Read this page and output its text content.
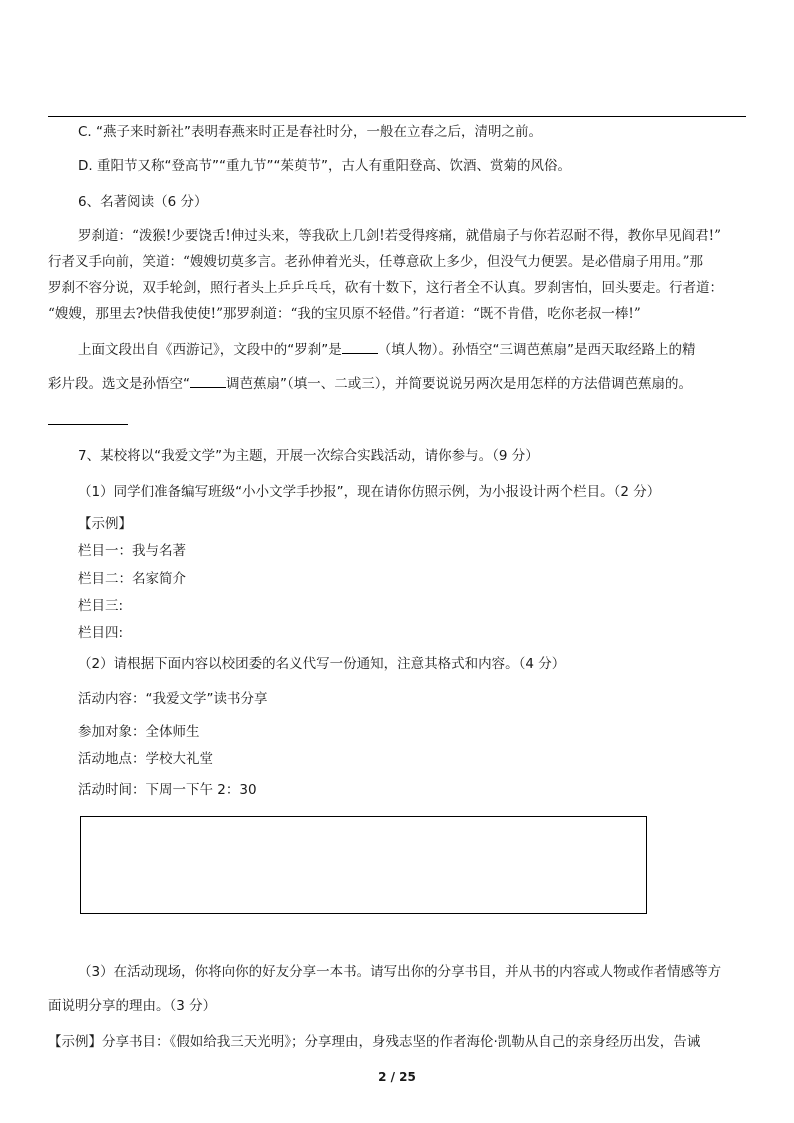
C. “燕子来时新社”表明春燕来时正是春社时分，一般在立春之后，清明之前。
D. 重阳节又称“登高节”“重九节”“茱萸节”，古人有重阳登高、饮酒、赏菊的风俗。
6、名著阅读（6 分）
罗刹道：“泼猴!少要饶舌!伸过头来，等我砍上几剑!若受得疼痛，就借扇子与你若忍耐不得，教你早见阎君!”
行者叉手向前，笑道：“嫂嫂切莫多言。老孙伸着光头，任尊意砍上多少，但没气力便罢。是必借扇子用用。”那
罗刹不容分说，双手轮剑，照行者头上乒乒乓乓，砍有十数下，这行者全不认真。罗刹害怕，回头要走。行者道：
“嫂嫂，那里去?快借我使使!”那罗刹道：“我的宝贝原不轻借。”行者道：“既不肯借，吃你老叔一棒!”
上面文段出自《西游记》，文段中的“罗刹”是	（填人物）。孙悟空“三调芭蕉扇”是西天取经路上的精
彩片段。选文是孙悟空“	调芭蕉扇”（填一、二或三），并简要说说另两次是用怎样的方法借调芭蕉扇的。
7、某校将以“我爱文学”为主题，开展一次综合实践活动，请你参与。（9 分）
（1）同学们准备编写班级“小小文学手抄报”，现在请你仿照示例，为小报设计两个栏目。（2 分）
【示例】
栏目一：我与名著
栏目二：名家简介
栏目三:
栏目四:
（2）请根据下面内容以校团委的名义代写一份通知，注意其格式和内容。（4 分）
活动内容：“我爱文学”读书分享
参加对象：全体师生
活动地点：学校大礼堂
活动时间：下周一下午 2：30
（3）在活动现场，你将向你的好友分享一本书。请写出你的分享书目，并从书的内容或人物或作者情感等方
面说明分享的理由。（3 分）
【示例】分享书目：《假如给我三天光明》；分享理由，身残志坚的作者海伦·凯勒从自己的亲身经历出发，告诫
2 / 25
